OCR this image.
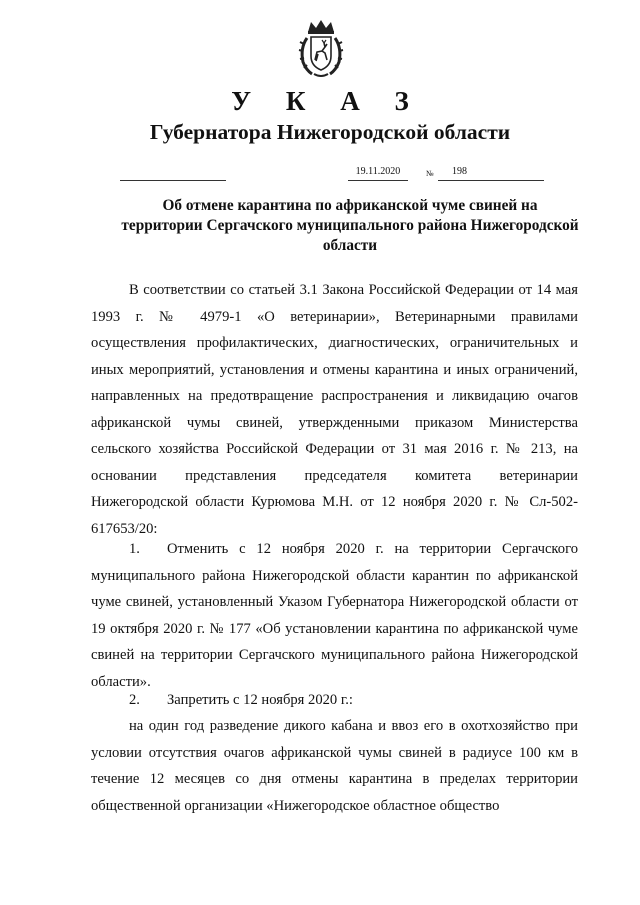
У К А З
Губернатора Нижегородской области
19.11.2020	№	198
Об отмене карантина по африканской чуме свиней на территории Сергачского муниципального района Нижегородской области
В соответствии со статьей 3.1 Закона Российской Федерации от 14 мая 1993 г. № 4979-1 «О ветеринарии», Ветеринарными правилами осуществления профилактических, диагностических, ограничительных и иных мероприятий, установления и отмены карантина и иных ограничений, направленных на предотвращение распространения и ликвидацию очагов африканской чумы свиней, утвержденными приказом Министерства сельского хозяйства Российской Федерации от 31 мая 2016 г. № 213, на основании представления председателя комитета ветеринарии Нижегородской области Курюмова М.Н. от 12 ноября 2020 г. № Сл-502-617653/20:
1. Отменить с 12 ноября 2020 г. на территории Сергачского муниципального района Нижегородской области карантин по африканской чуме свиней, установленный Указом Губернатора Нижегородской области от 19 октября 2020 г. № 177 «Об установлении карантина по африканской чуме свиней на территории Сергачского муниципального района Нижегородской области».
2. Запретить с 12 ноября 2020 г.:
на один год разведение дикого кабана и ввоз его в охотхозяйство при условии отсутствия очагов африканской чумы свиней в радиусе 100 км в течение 12 месяцев со дня отмены карантина в пределах территории общественной организации «Нижегородское областное общество
